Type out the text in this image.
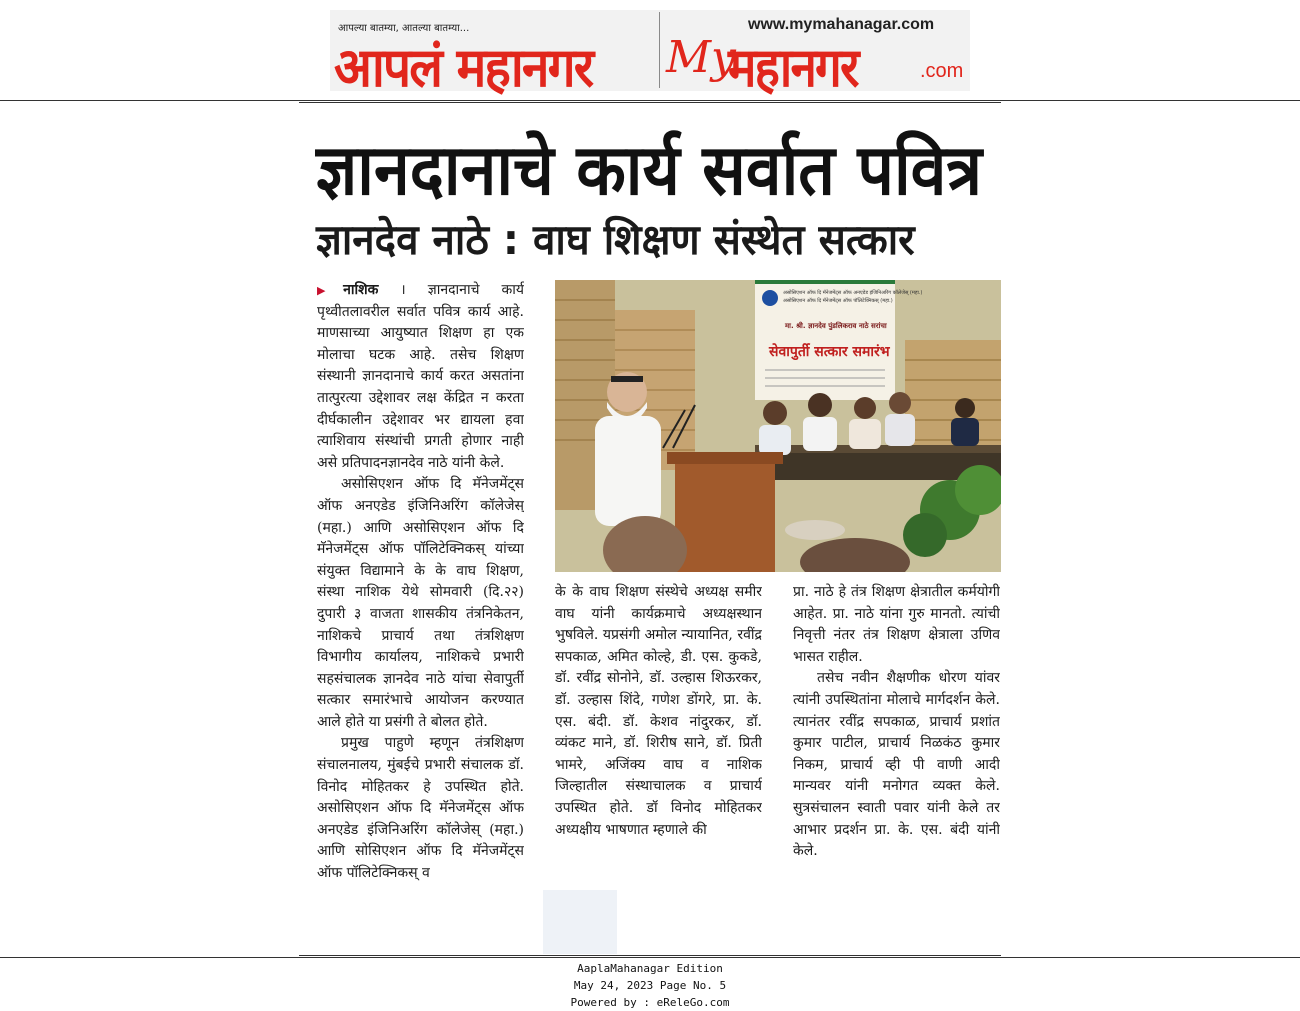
आपल्या बातम्या, आतल्या बातम्या...
आपलं महानगर
www.mymahanagar.com
My
महानगर	.com
ज्ञानदानाचे कार्य सर्वात पवित्र
ज्ञानदेव नाठे : वाघ शिक्षण संस्थेत सत्कार

▶नाशिक । ज्ञानदानाचे कार्य पृथ्वीतलावरील सर्वात पवित्र कार्य आहे. माणसाच्या आयुष्यात शिक्षण हा एक मोलाचा घटक आहे. तसेच शिक्षण संस्थानी ज्ञानदानाचे कार्य करत असतांना तात्पुरत्या उद्देशावर लक्ष केंद्रित न करता दीर्घकालीन उद्देशावर भर द्यायला हवा त्याशिवाय संस्थांची प्रगती होणार नाही असे प्रतिपादनज्ञानदेव नाठे यांनी केले.

असोसिएशन ऑफ दि मॅनेजमेंट्स ऑफ अनएडेड इंजिनिअरिंग कॉलेजेस् (महा.) आणि असोसिएशन ऑफ दि मॅनेजमेंट्स ऑफ पॉलिटेक्निकस् यांच्या संयुक्त विद्यामाने के के वाघ शिक्षण, संस्था नाशिक येथे सोमवारी (दि.२२) दुपारी ३ वाजता शासकीय तंत्रनिकेतन, नाशिकचे प्राचार्य तथा तंत्रशिक्षण विभागीय कार्यालय, नाशिकचे प्रभारी सहसंचालक ज्ञानदेव नाठे यांचा सेवापुर्ती सत्कार समारंभाचे आयोजन करण्यात आले होते या प्रसंगी ते बोलत होते.

प्रमुख पाहुणे म्हणून तंत्रशिक्षण संचालनालय, मुंबईचे प्रभारी संचालक डॉ. विनोद मोहितकर हे उपस्थित होते. असोसिएशन ऑफ दि मॅनेजमेंट्स ऑफ अनएडेड इंजिनिअरिंग कॉलेजेस् (महा.) आणि सोसिएशन ऑफ दि मॅनेजमेंट्स ऑफ पॉलिटेक्निकस् व

असोसिएशन ऑफ दि मॅनेजमेंट्स ऑफ अनएडेड इंजिनिअरिंग कॉलेजेस् (महा.)
असोसिएशन ऑफ दि मॅनेजमेंट्स ऑफ पॉलिटेक्निकस् (महा.)
मा. श्री. ज्ञानदेव पुंडलिकराव नाठे सरांचा
सेवापुर्ती सत्कार समारंभ

के के वाघ शिक्षण संस्थेचे अध्यक्ष समीर वाघ यांनी कार्यक्रमाचे अध्यक्षस्थान भुषविले. यप्रसंगी अमोल न्यायानित, रवींद्र सपकाळ, अमित कोल्हे, डी. एस. कुकडे, डॉ. रवींद्र सोनोने, डॉ. उल्हास शिऊरकर, डॉ. उल्हास शिंदे, गणेश डोंगरे, प्रा. के. एस. बंदी. डॉ. केशव नांदुरकर, डॉ. व्यंकट माने, डॉ. शिरीष साने, डॉ. प्रिती भामरे, अजिंक्य वाघ व नाशिक जिल्हातील संस्थाचालक व प्राचार्य उपस्थित होते. डॉ विनोद मोहितकर अध्यक्षीय भाषणात म्हणाले की

प्रा. नाठे हे तंत्र शिक्षण क्षेत्रातील कर्मयोगी आहेत. प्रा. नाठे यांना गुरु मानतो. त्यांची निवृत्ती नंतर तंत्र शिक्षण क्षेत्राला उणिव भासत राहील.

तसेच नवीन शैक्षणीक धोरण यांवर त्यांनी उपस्थितांना मोलाचे मार्गदर्शन केले. त्यानंतर रवींद्र सपकाळ, प्राचार्य प्रशांत कुमार पाटील, प्राचार्य निळकंठ कुमार निकम, प्राचार्य व्ही पी वाणी आदी मान्यवर यांनी मनोगत व्यक्त केले. सुत्रसंचालन स्वाती पवार यांनी केले तर आभार प्रदर्शन प्रा. के. एस. बंदी यांनी केले.

AaplaMahanagar Edition
May 24, 2023 Page No. 5
Powered by : eReleGo.com
